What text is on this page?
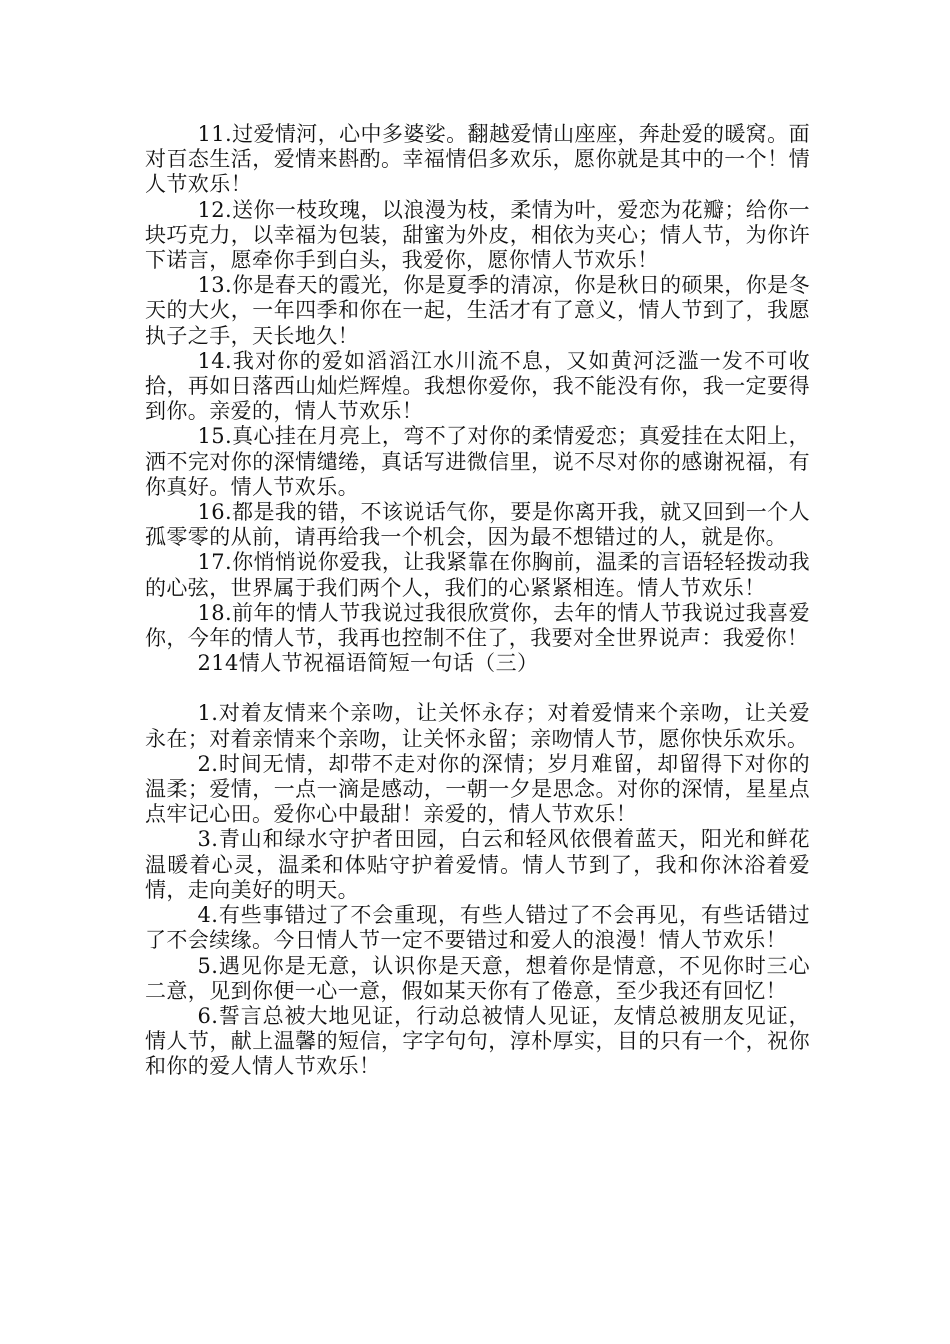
11.过爱情河，心中多婆娑。翻越爱情山座座，奔赴爱的暖窝。面对百态生活，爱情来斟酌。幸福情侣多欢乐，愿你就是其中的一个！情人节欢乐！

12.送你一枝玫瑰，以浪漫为枝，柔情为叶，爱恋为花瓣；给你一块巧克力，以幸福为包装，甜蜜为外皮，相依为夹心；情人节，为你许下诺言，愿牵你手到白头，我爱你，愿你情人节欢乐！

13.你是春天的霞光，你是夏季的清凉，你是秋日的硕果，你是冬天的大火，一年四季和你在一起，生活才有了意义，情人节到了，我愿执子之手，天长地久！

14.我对你的爱如滔滔江水川流不息，又如黄河泛滥一发不可收拾，再如日落西山灿烂辉煌。我想你爱你，我不能没有你，我一定要得到你。亲爱的，情人节欢乐！

15.真心挂在月亮上，弯不了对你的柔情爱恋；真爱挂在太阳上，洒不完对你的深情缱绻，真话写进微信里，说不尽对你的感谢祝福，有你真好。情人节欢乐。

16.都是我的错，不该说话气你，要是你离开我，就又回到一个人孤零零的从前，请再给我一个机会，因为最不想错过的人，就是你。

17.你悄悄说你爱我，让我紧靠在你胸前，温柔的言语轻轻拨动我的心弦，世界属于我们两个人，我们的心紧紧相连。情人节欢乐！

18.前年的情人节我说过我很欣赏你，去年的情人节我说过我喜爱你，今年的情人节，我再也控制不住了，我要对全世界说声：我爱你！

214情人节祝福语简短一句话（三）

1.对着友情来个亲吻，让关怀永存；对着爱情来个亲吻，让关爱永在；对着亲情来个亲吻，让关怀永留；亲吻情人节，愿你快乐欢乐。

2.时间无情，却带不走对你的深情；岁月难留，却留得下对你的温柔；爱情，一点一滴是感动，一朝一夕是思念。对你的深情，星星点点牢记心田。爱你心中最甜！亲爱的，情人节欢乐！

3.青山和绿水守护者田园，白云和轻风依偎着蓝天，阳光和鲜花温暖着心灵，温柔和体贴守护着爱情。情人节到了，我和你沐浴着爱情，走向美好的明天。

4.有些事错过了不会重现，有些人错过了不会再见，有些话错过了不会续缘。今日情人节一定不要错过和爱人的浪漫！情人节欢乐！

5.遇见你是无意，认识你是天意，想着你是情意，不见你时三心二意，见到你便一心一意，假如某天你有了倦意，至少我还有回忆！

6.誓言总被大地见证，行动总被情人见证，友情总被朋友见证，情人节，献上温馨的短信，字字句句，淳朴厚实，目的只有一个，祝你和你的爱人情人节欢乐！
